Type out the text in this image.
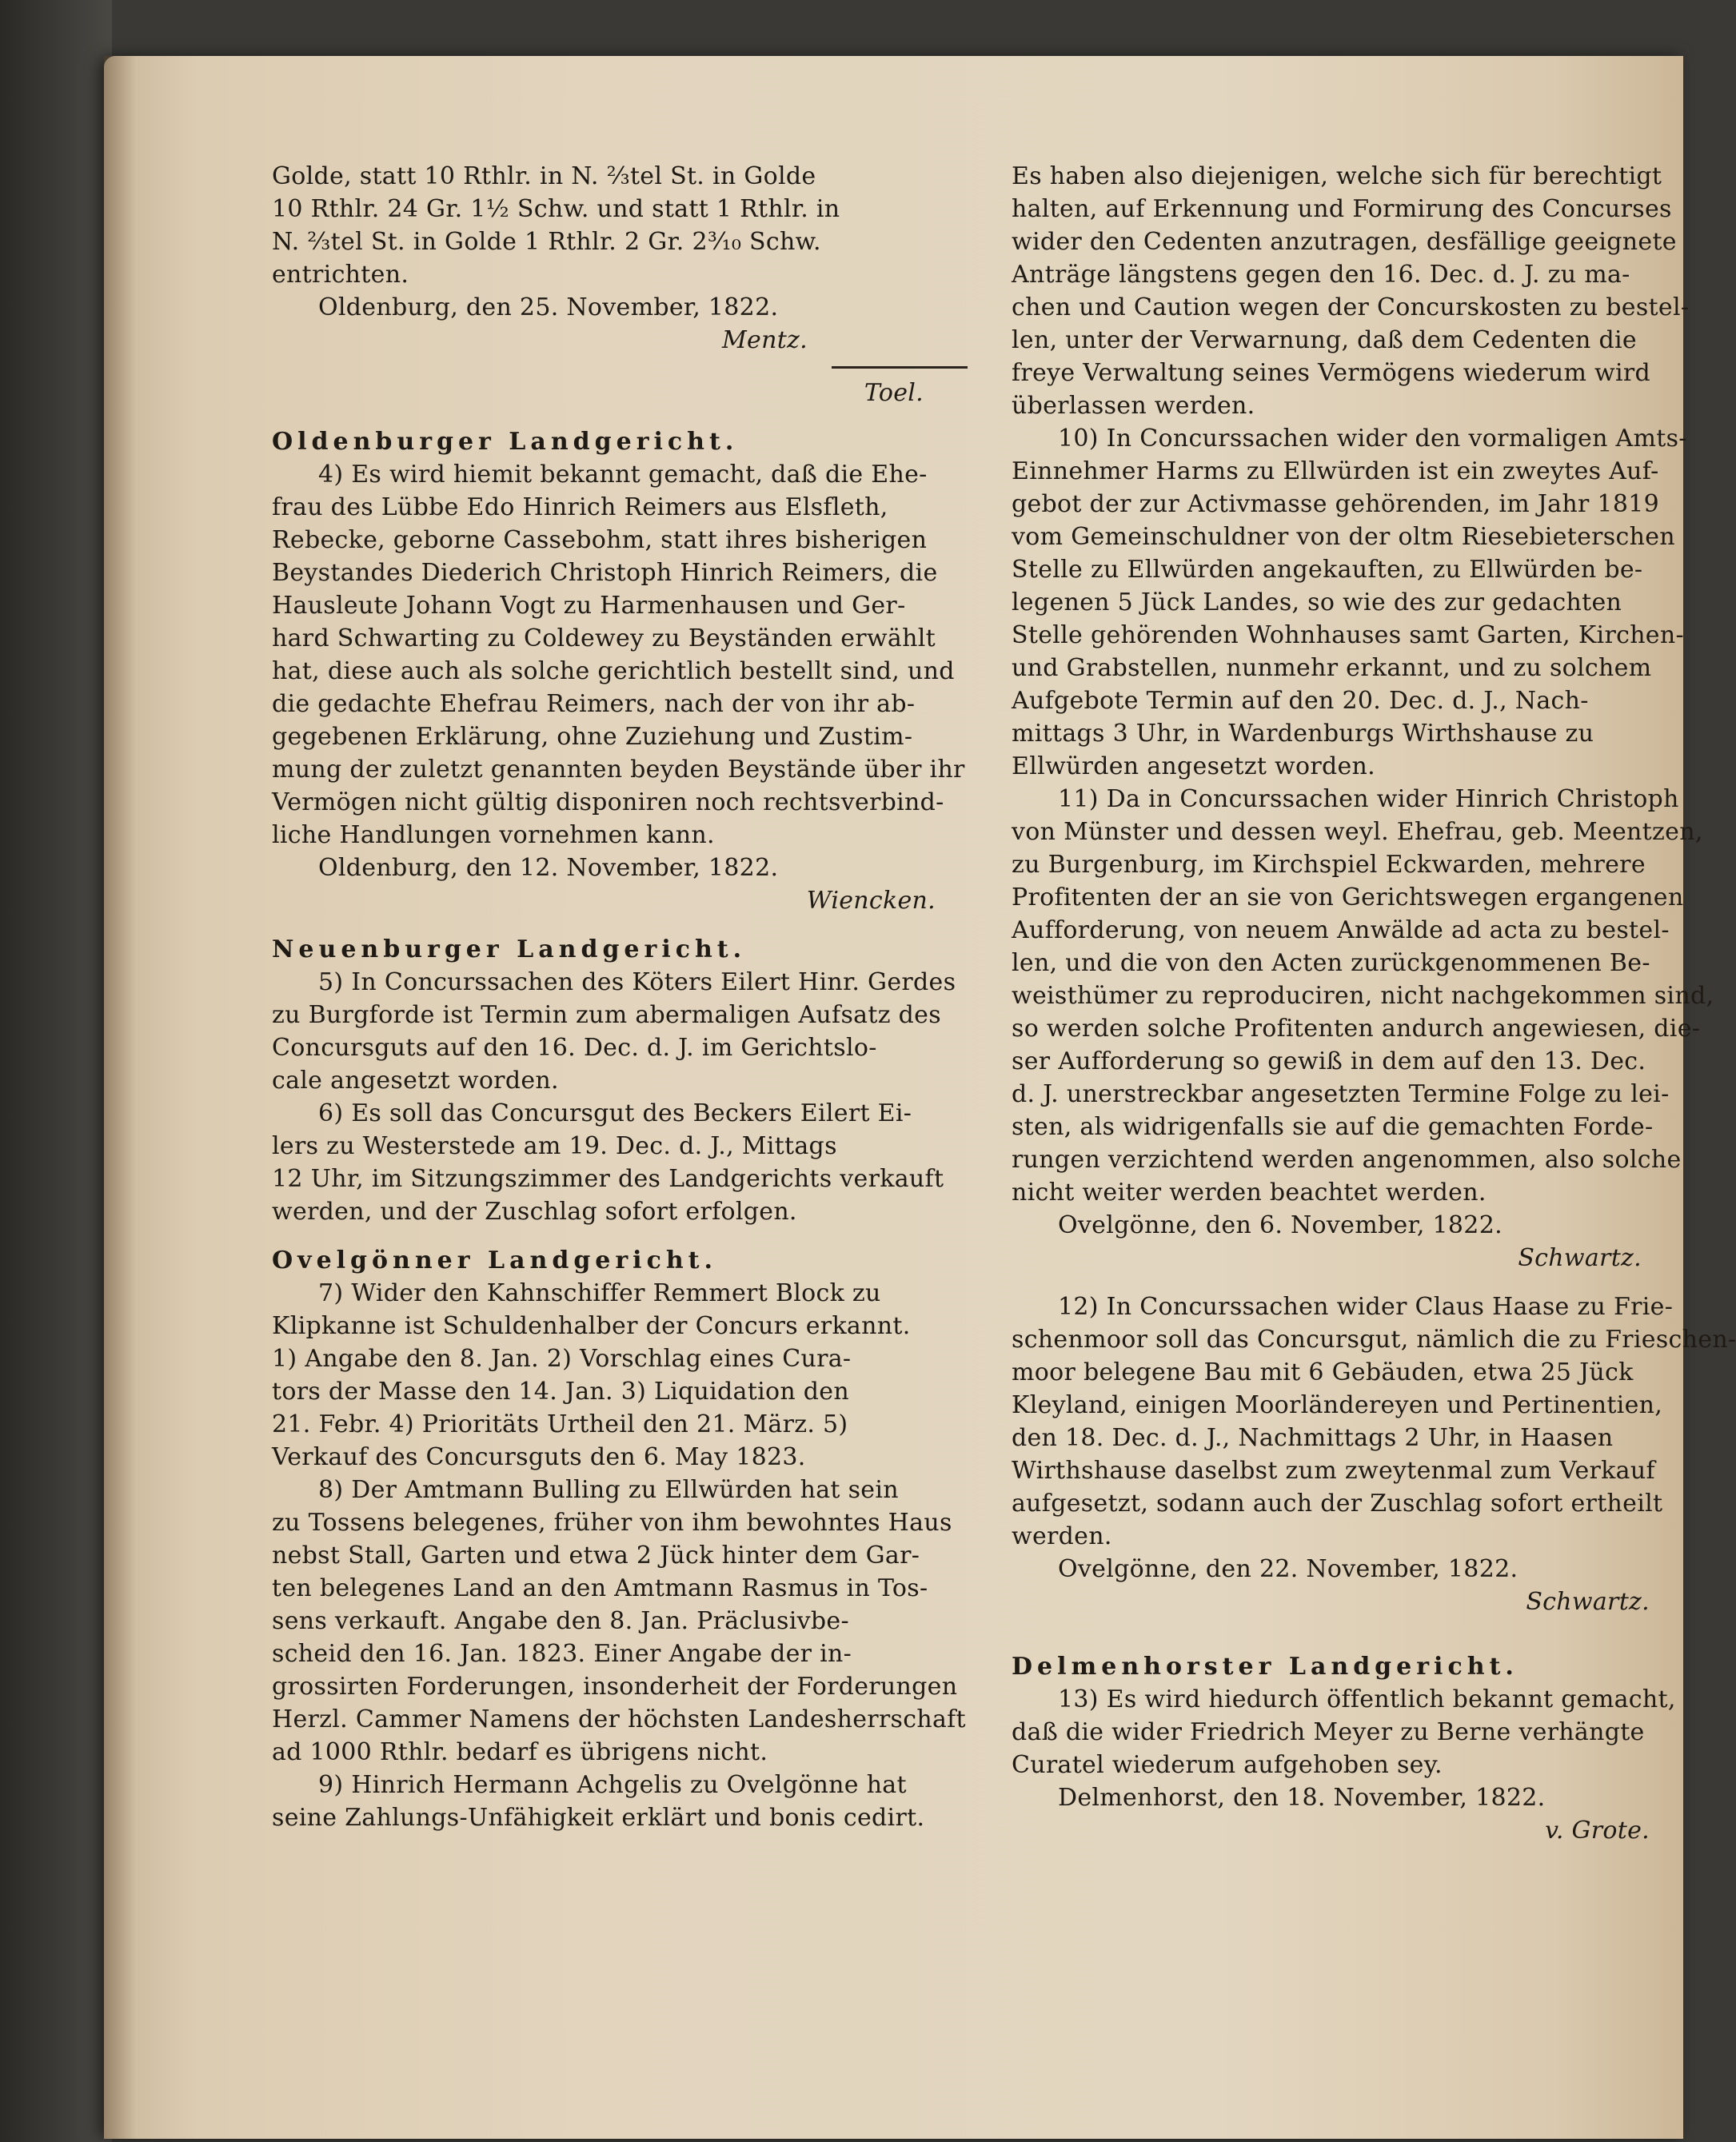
Golde, statt 10 Rthlr. in N. ⅔tel St. in Golde
10 Rthlr. 24 Gr. 1½ Schw. und statt 1 Rthlr. in
N. ⅔tel St. in Golde 1 Rthlr. 2 Gr. 2³⁄₁₀ Schw.
entrichten.
Oldenburg, den 25. November, 1822.
Mentz.
Toel.
Oldenburger Landgericht.
4) Es wird hiemit bekannt gemacht, daß die Ehe-
frau des Lübbe Edo Hinrich Reimers aus Elsfleth,
Rebecke, geborne Cassebohm, statt ihres bisherigen
Beystandes Diederich Christoph Hinrich Reimers, die
Hausleute Johann Vogt zu Harmenhausen und Ger-
hard Schwarting zu Coldewey zu Beyständen erwählt
hat, diese auch als solche gerichtlich bestellt sind, und
die gedachte Ehefrau Reimers, nach der von ihr ab-
gegebenen Erklärung, ohne Zuziehung und Zustim-
mung der zuletzt genannten beyden Beystände über ihr
Vermögen nicht gültig disponiren noch rechtsverbind-
liche Handlungen vornehmen kann.
Oldenburg, den 12. November, 1822.
Wiencken.
Neuenburger Landgericht.
5) In Concurssachen des Köters Eilert Hinr. Gerdes
zu Burgforde ist Termin zum abermaligen Aufsatz des
Concursguts auf den 16. Dec. d. J. im Gerichtslo-
cale angesetzt worden.
6) Es soll das Concursgut des Beckers Eilert Ei-
lers zu Westerstede am 19. Dec. d. J., Mittags
12 Uhr, im Sitzungszimmer des Landgerichts verkauft
werden, und der Zuschlag sofort erfolgen.
Ovelgönner Landgericht.
7) Wider den Kahnschiffer Remmert Block zu
Klipkanne ist Schuldenhalber der Concurs erkannt.
1) Angabe den 8. Jan. 2) Vorschlag eines Cura-
tors der Masse den 14. Jan. 3) Liquidation den
21. Febr. 4) Prioritäts Urtheil den 21. März. 5)
Verkauf des Concursguts den 6. May 1823.
8) Der Amtmann Bulling zu Ellwürden hat sein
zu Tossens belegenes, früher von ihm bewohntes Haus
nebst Stall, Garten und etwa 2 Jück hinter dem Gar-
ten belegenes Land an den Amtmann Rasmus in Tos-
sens verkauft. Angabe den 8. Jan. Präclusivbe-
scheid den 16. Jan. 1823. Einer Angabe der in-
grossirten Forderungen, insonderheit der Forderungen
Herzl. Cammer Namens der höchsten Landesherrschaft
ad 1000 Rthlr. bedarf es übrigens nicht.
9) Hinrich Hermann Achgelis zu Ovelgönne hat
seine Zahlungs-Unfähigkeit erklärt und bonis cedirt.
Es haben also diejenigen, welche sich für berechtigt
halten, auf Erkennung und Formirung des Concurses
wider den Cedenten anzutragen, desfällige geeignete
Anträge längstens gegen den 16. Dec. d. J. zu ma-
chen und Caution wegen der Concurskosten zu bestel-
len, unter der Verwarnung, daß dem Cedenten die
freye Verwaltung seines Vermögens wiederum wird
überlassen werden.
10) In Concurssachen wider den vormaligen Amts-
Einnehmer Harms zu Ellwürden ist ein zweytes Auf-
gebot der zur Activmasse gehörenden, im Jahr 1819
vom Gemeinschuldner von der oltm Riesebieterschen
Stelle zu Ellwürden angekauften, zu Ellwürden be-
legenen 5 Jück Landes, so wie des zur gedachten
Stelle gehörenden Wohnhauses samt Garten, Kirchen-
und Grabstellen, nunmehr erkannt, und zu solchem
Aufgebote Termin auf den 20. Dec. d. J., Nach-
mittags 3 Uhr, in Wardenburgs Wirthshause zu
Ellwürden angesetzt worden.
11) Da in Concurssachen wider Hinrich Christoph
von Münster und dessen weyl. Ehefrau, geb. Meentzen,
zu Burgenburg, im Kirchspiel Eckwarden, mehrere
Profitenten der an sie von Gerichtswegen ergangenen
Aufforderung, von neuem Anwälde ad acta zu bestel-
len, und die von den Acten zurückgenommenen Be-
weisthümer zu reproduciren, nicht nachgekommen sind,
so werden solche Profitenten andurch angewiesen, die-
ser Aufforderung so gewiß in dem auf den 13. Dec.
d. J. unerstreckbar angesetzten Termine Folge zu lei-
sten, als widrigenfalls sie auf die gemachten Forde-
rungen verzichtend werden angenommen, also solche
nicht weiter werden beachtet werden.
Ovelgönne, den 6. November, 1822.
Schwartz.
12) In Concurssachen wider Claus Haase zu Frie-
schenmoor soll das Concursgut, nämlich die zu Frieschen-
moor belegene Bau mit 6 Gebäuden, etwa 25 Jück
Kleyland, einigen Moorländereyen und Pertinentien,
den 18. Dec. d. J., Nachmittags 2 Uhr, in Haasen
Wirthshause daselbst zum zweytenmal zum Verkauf
aufgesetzt, sodann auch der Zuschlag sofort ertheilt
werden.
Ovelgönne, den 22. November, 1822.
Schwartz.
Delmenhorster Landgericht.
13) Es wird hiedurch öffentlich bekannt gemacht,
daß die wider Friedrich Meyer zu Berne verhängte
Curatel wiederum aufgehoben sey.
Delmenhorst, den 18. November, 1822.
v. Grote.
